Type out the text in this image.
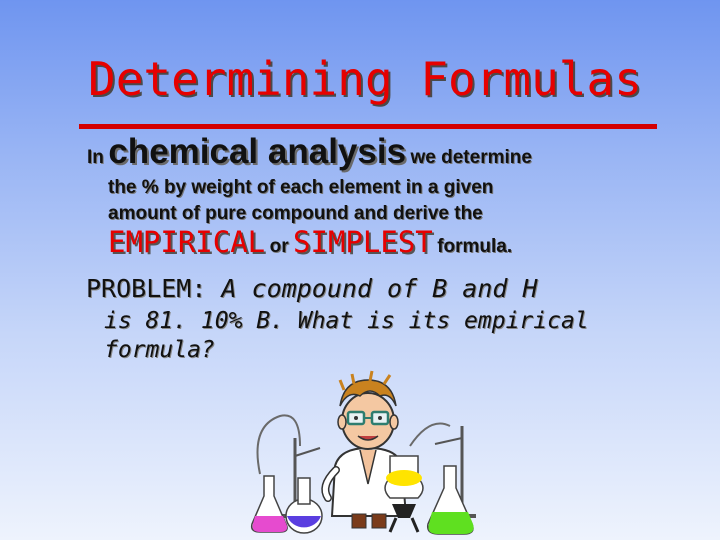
Determining Formulas
In chemical analysis we determine
the % by weight of each element in a given
amount of pure compound and derive the
EMPIRICAL or SIMPLEST formula.
PROBLEM: A compound of B and H
is 81. 10% B. What is its empirical
formula?
